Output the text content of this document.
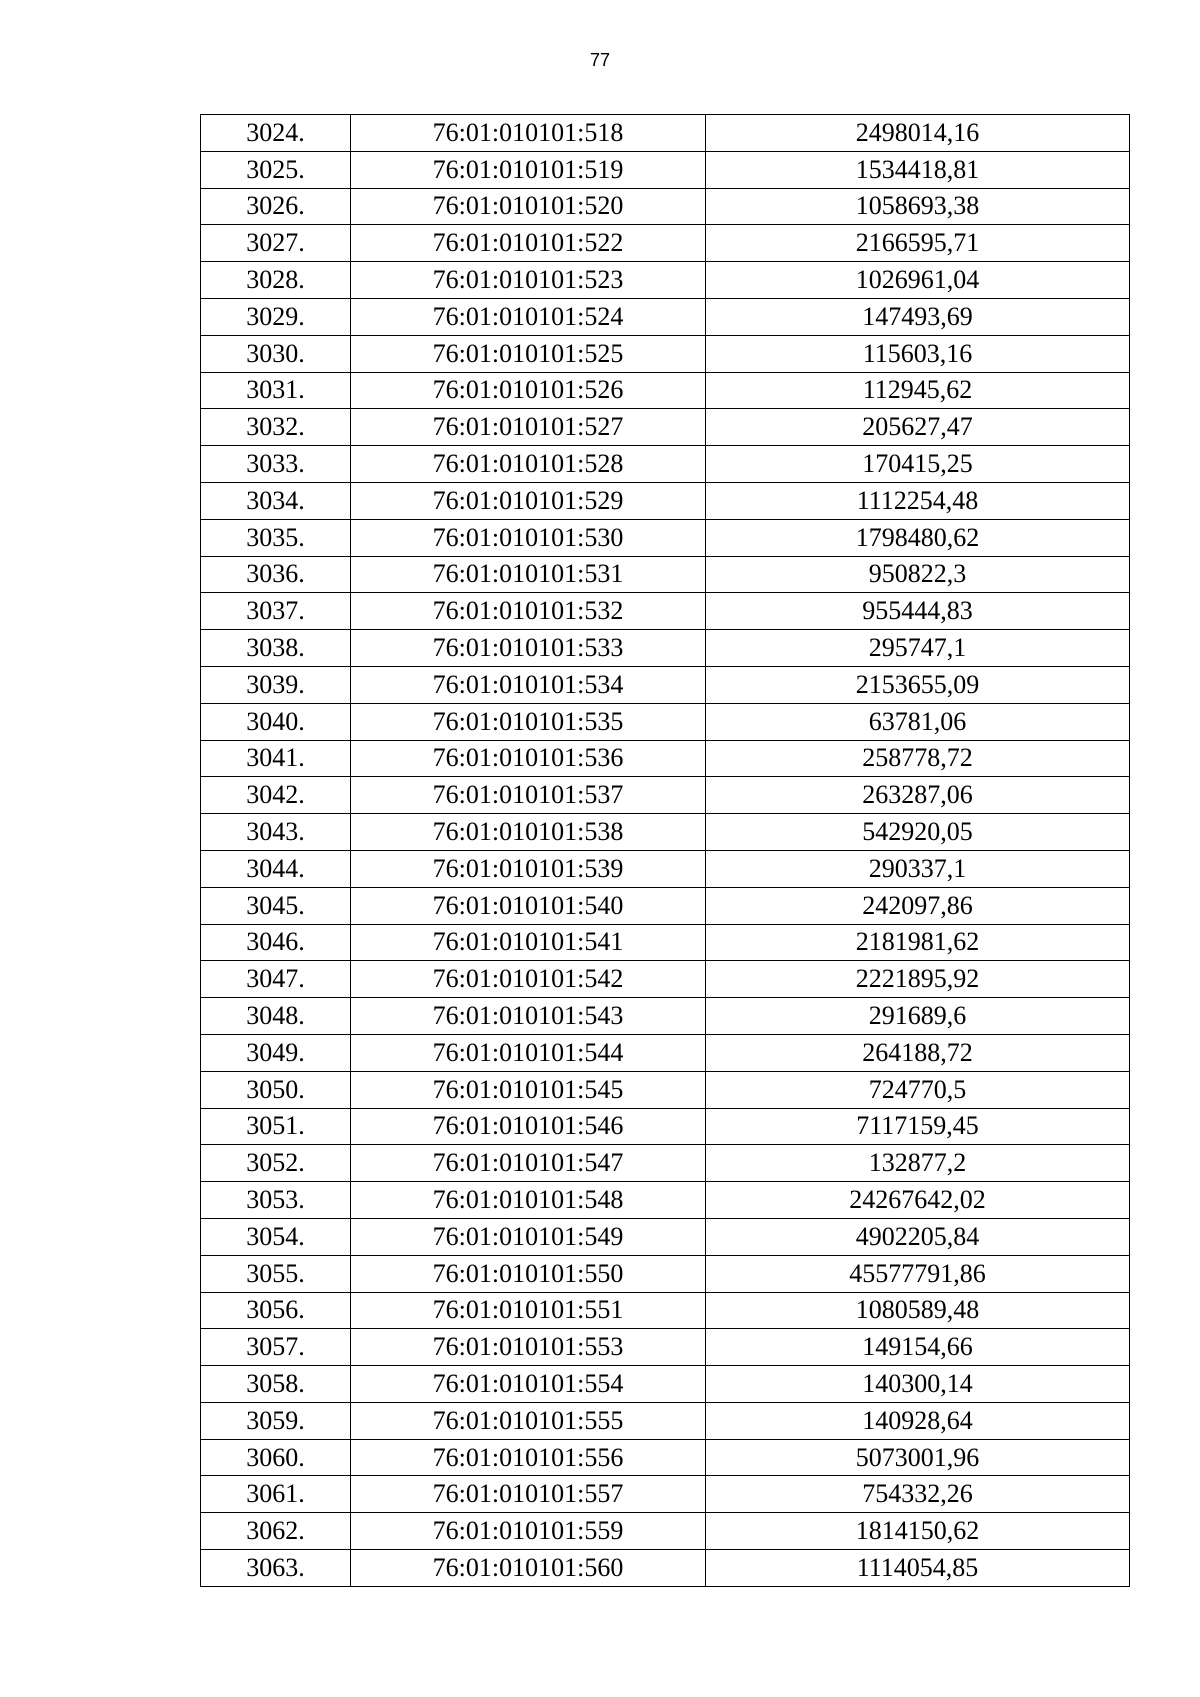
77
3024.	76:01:010101:518	2498014,16
3025.	76:01:010101:519	1534418,81
3026.	76:01:010101:520	1058693,38
3027.	76:01:010101:522	2166595,71
3028.	76:01:010101:523	1026961,04
3029.	76:01:010101:524	147493,69
3030.	76:01:010101:525	115603,16
3031.	76:01:010101:526	112945,62
3032.	76:01:010101:527	205627,47
3033.	76:01:010101:528	170415,25
3034.	76:01:010101:529	1112254,48
3035.	76:01:010101:530	1798480,62
3036.	76:01:010101:531	950822,3
3037.	76:01:010101:532	955444,83
3038.	76:01:010101:533	295747,1
3039.	76:01:010101:534	2153655,09
3040.	76:01:010101:535	63781,06
3041.	76:01:010101:536	258778,72
3042.	76:01:010101:537	263287,06
3043.	76:01:010101:538	542920,05
3044.	76:01:010101:539	290337,1
3045.	76:01:010101:540	242097,86
3046.	76:01:010101:541	2181981,62
3047.	76:01:010101:542	2221895,92
3048.	76:01:010101:543	291689,6
3049.	76:01:010101:544	264188,72
3050.	76:01:010101:545	724770,5
3051.	76:01:010101:546	7117159,45
3052.	76:01:010101:547	132877,2
3053.	76:01:010101:548	24267642,02
3054.	76:01:010101:549	4902205,84
3055.	76:01:010101:550	45577791,86
3056.	76:01:010101:551	1080589,48
3057.	76:01:010101:553	149154,66
3058.	76:01:010101:554	140300,14
3059.	76:01:010101:555	140928,64
3060.	76:01:010101:556	5073001,96
3061.	76:01:010101:557	754332,26
3062.	76:01:010101:559	1814150,62
3063.	76:01:010101:560	1114054,85
